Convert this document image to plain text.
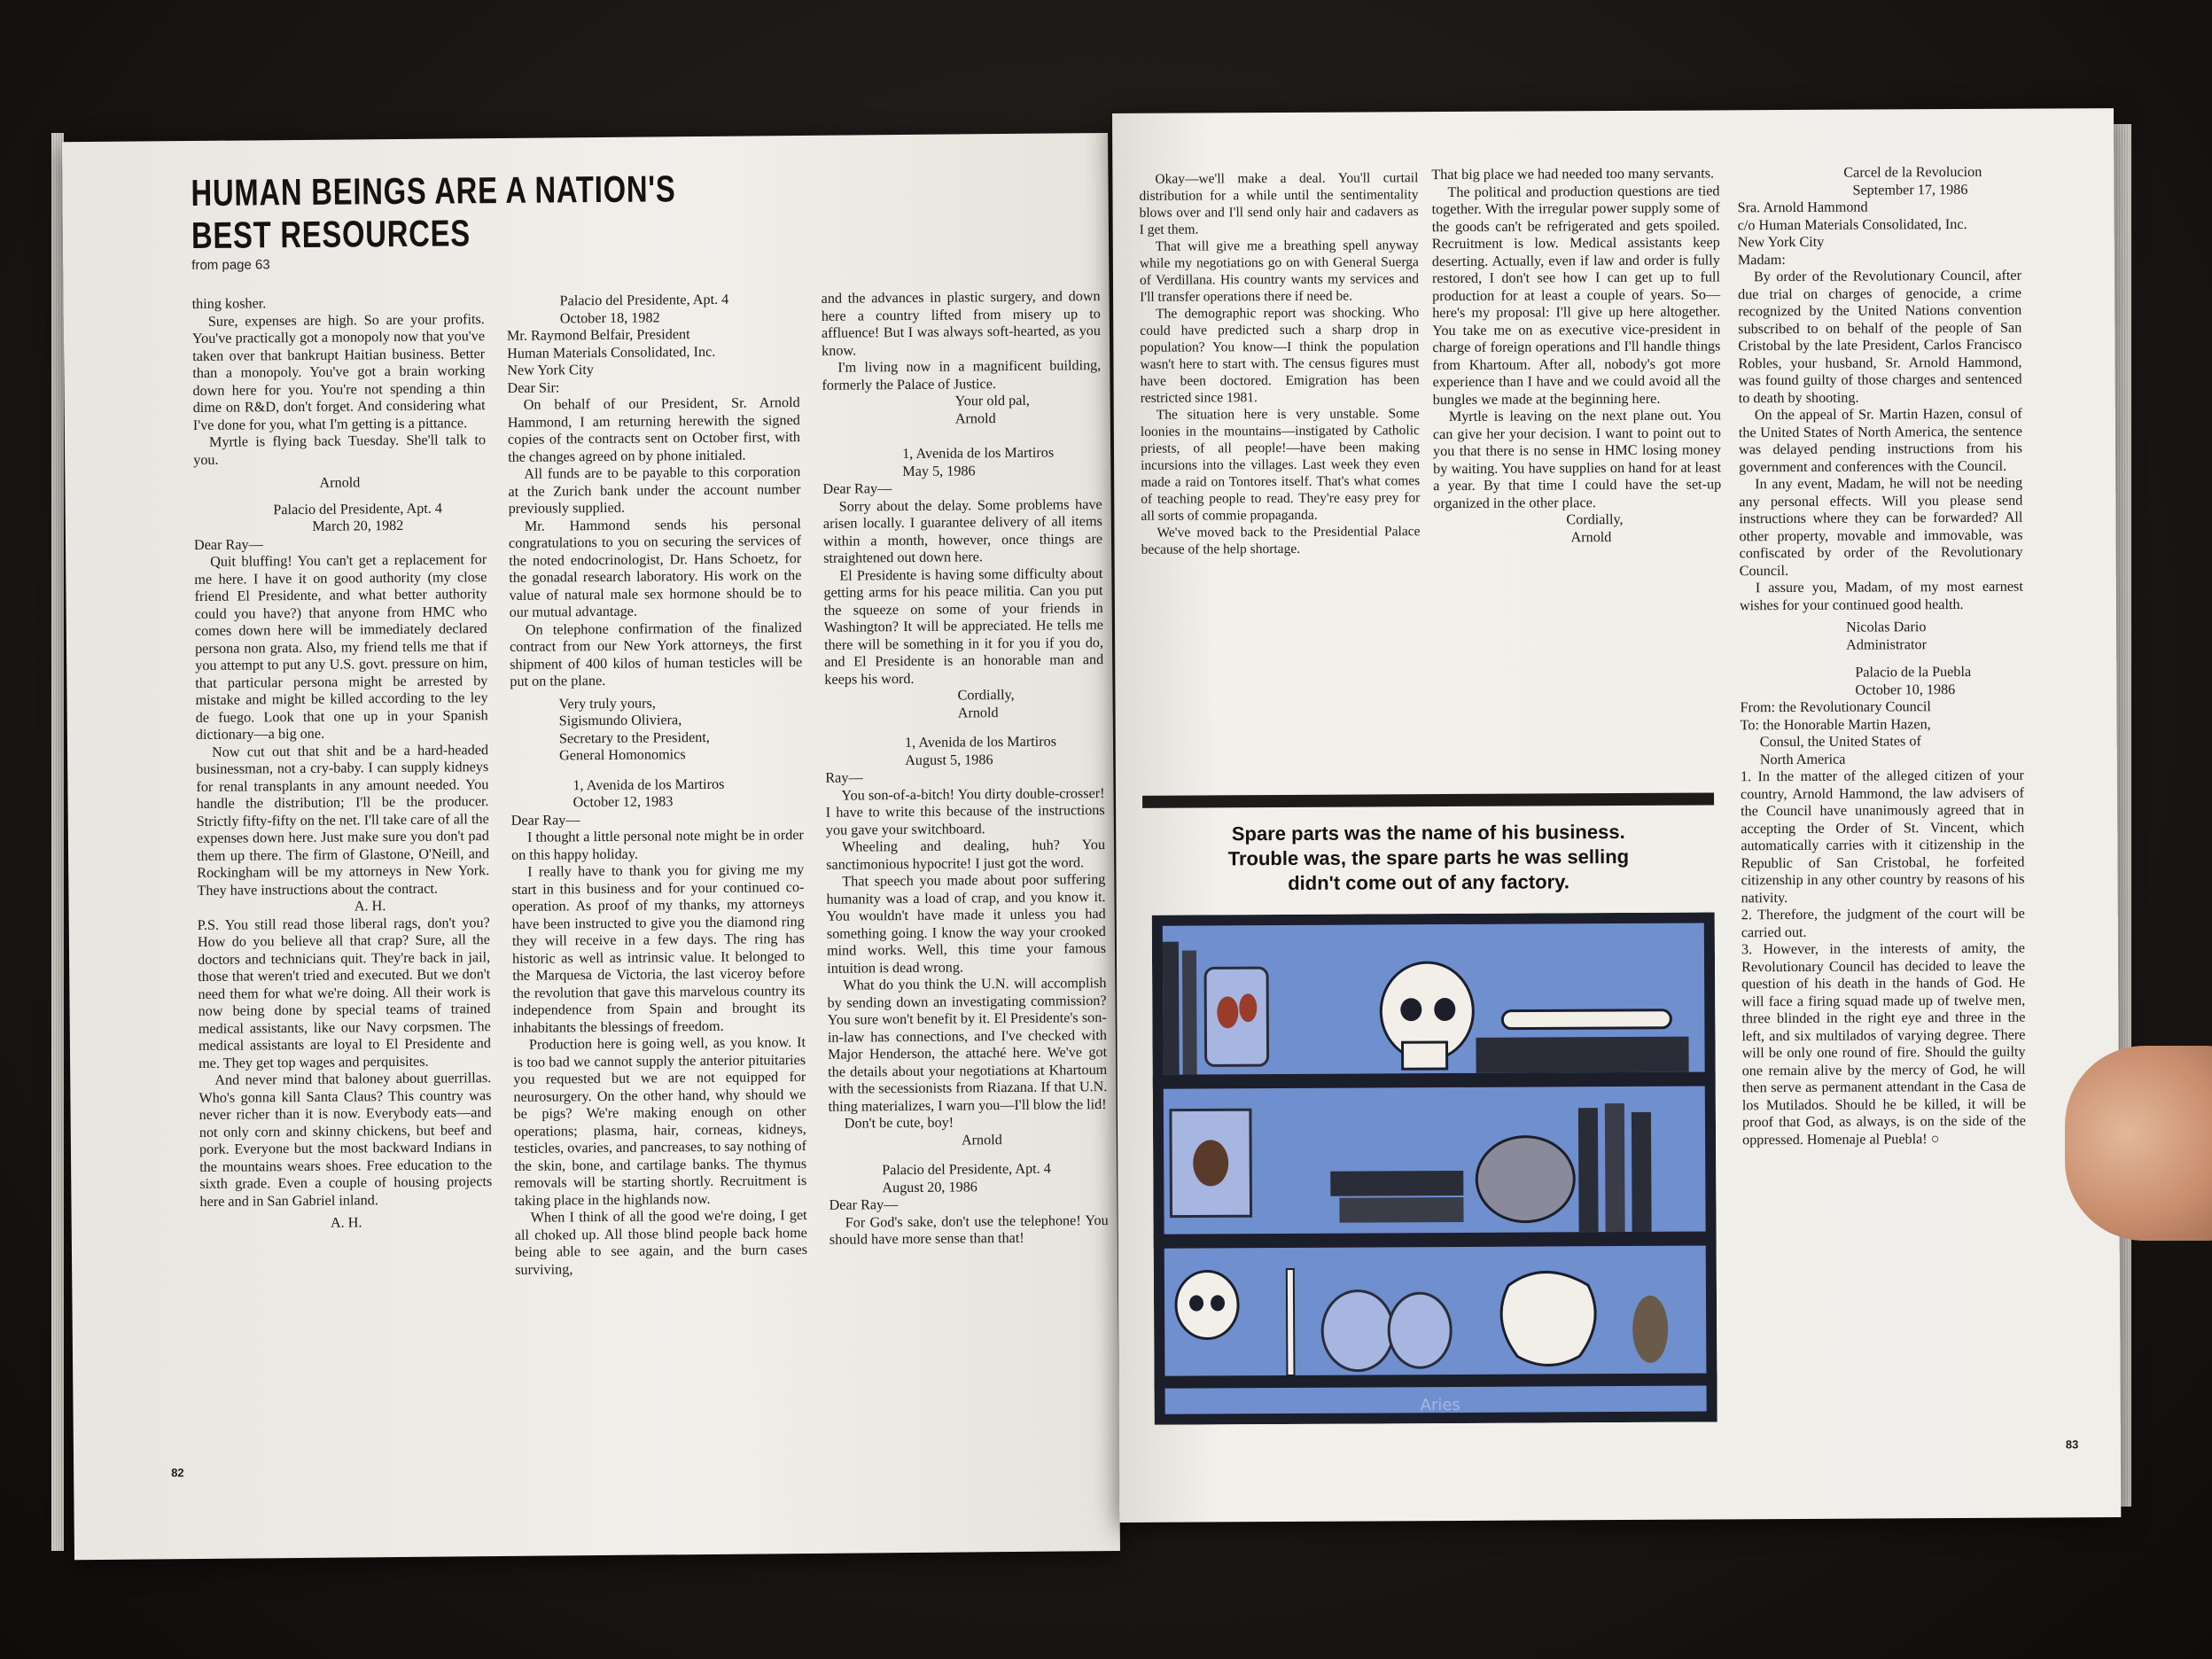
HUMAN BEINGS ARE A NATION'S
BEST RESOURCES
from page 63

thing kosher.

Sure, expenses are high. So are your profits. You've practically got a monopoly now that you've taken over that bankrupt Haitian business. Better than a monopoly. You've got a brain working down here for you. You're not spending a thin dime on R&D, don't forget. And considering what I've done for you, what I'm getting is a pittance.

Myrtle is flying back Tuesday. She'll talk to you.

Arnold

Palacio del Presidente, Apt. 4

March 20, 1982

Dear Ray—

Quit bluffing! You can't get a replacement for me here. I have it on good authority (my close friend El Presidente, and what better authority could you have?) that anyone from HMC who comes down here will be immediately declared persona non grata. Also, my friend tells me that if you attempt to put any U.S. govt. pressure on him, that particular persona might be arrested by mistake and might be killed according to the ley de fuego. Look that one up in your Spanish dictionary—a big one.

Now cut out that shit and be a hard-headed businessman, not a cry-baby. I can supply kidneys for renal transplants in any amount needed. You handle the distribution; I'll be the producer. Strictly fifty-fifty on the net. I'll take care of all the expenses down here. Just make sure you don't pad them up there. The firm of Glastone, O'Neill, and Rockingham will be my attorneys in New York. They have instructions about the contract.

A. H.

P.S. You still read those liberal rags, don't you? How do you believe all that crap? Sure, all the doctors and technicians quit. They're back in jail, those that weren't tried and executed. But we don't need them for what we're doing. All their work is now being done by special teams of trained medical assistants, like our Navy corpsmen. The medical assistants are loyal to El Presidente and me. They get top wages and perquisites.

And never mind that baloney about guerrillas. Who's gonna kill Santa Claus? This country was never richer than it is now. Everybody eats—and not only corn and skinny chickens, but beef and pork. Everyone but the most backward Indians in the mountains wears shoes. Free education to the sixth grade. Even a couple of housing projects here and in San Gabriel inland.

A. H.

Palacio del Presidente, Apt. 4

October 18, 1982

Mr. Raymond Belfair, President

Human Materials Consolidated, Inc.

New York City

Dear Sir:

On behalf of our President, Sr. Arnold Hammond, I am returning herewith the signed copies of the contracts sent on October first, with the changes agreed on by phone initialed.

All funds are to be payable to this corporation at the Zurich bank under the account number previously supplied.

Mr. Hammond sends his personal congratulations to you on securing the services of the noted endocrinologist, Dr. Hans Schoetz, for the gonadal research laboratory. His work on the value of natural male sex hormone should be to our mutual advantage.

On telephone confirmation of the finalized contract from our New York attorneys, the first shipment of 400 kilos of human testicles will be put on the plane.

Very truly yours,

Sigismundo Oliviera,

Secretary to the President,

General Homonomics

1, Avenida de los Martiros

October 12, 1983

Dear Ray—

I thought a little personal note might be in order on this happy holiday.

I really have to thank you for giving me my start in this business and for your continued co-operation. As proof of my thanks, my attorneys have been instructed to give you the diamond ring they will receive in a few days. The ring has historic as well as intrinsic value. It belonged to the Marquesa de Victoria, the last viceroy before the revolution that gave this marvelous country its independence from Spain and brought its inhabitants the blessings of freedom.

Production here is going well, as you know. It is too bad we cannot supply the anterior pituitaries you requested but we are not equipped for neurosurgery. On the other hand, why should we be pigs? We're making enough on other operations; plasma, hair, corneas, kidneys, testicles, ovaries, and pancreases, to say nothing of the skin, bone, and cartilage banks. The thymus removals will be starting shortly. Recruitment is taking place in the highlands now.

When I think of all the good we're doing, I get all choked up. All those blind people back home being able to see again, and the burn cases surviving,

and the advances in plastic surgery, and down here a country lifted from misery up to affluence! But I was always soft-hearted, as you know.

I'm living now in a magnificent building, formerly the Palace of Justice.

Your old pal,

Arnold

1, Avenida de los Martiros

May 5, 1986

Dear Ray—

Sorry about the delay. Some problems have arisen locally. I guarantee delivery of all items within a month, however, once things are straightened out down here.

El Presidente is having some difficulty about getting arms for his peace militia. Can you put the squeeze on some of your friends in Washington? It will be appreciated. He tells me there will be something in it for you if you do, and El Presidente is an honorable man and keeps his word.

Cordially,

Arnold

1, Avenida de los Martiros

August 5, 1986

Ray—

You son-of-a-bitch! You dirty double-crosser! I have to write this because of the instructions you gave your switchboard.

Wheeling and dealing, huh? You sanctimonious hypocrite! I just got the word.

That speech you made about poor suffering humanity was a load of crap, and you know it. You wouldn't have made it unless you had something going. I know the way your crooked mind works. Well, this time your famous intuition is dead wrong.

What do you think the U.N. will accomplish by sending down an investigating commission? You sure won't benefit by it. El Presidente's son-in-law has connections, and I've checked with Major Henderson, the attaché here. We've got the details about your negotiations at Khartoum with the secessionists from Riazana. If that U.N. thing materializes, I warn you—I'll blow the lid!

Don't be cute, boy!

Arnold

Palacio del Presidente, Apt. 4

August 20, 1986

Dear Ray—

For God's sake, don't use the telephone! You should have more sense than that!

82

Okay—we'll make a deal. You'll curtail distribution for a while until the sentimentality blows over and I'll send only hair and cadavers as I get them.

That will give me a breathing spell anyway while my negotiations go on with General Suerga of Verdillana. His country wants my services and I'll transfer operations there if need be.

The demographic report was shocking. Who could have predicted such a sharp drop in population? You know—I think the population wasn't here to start with. The census figures must have been doctored. Emigration has been restricted since 1981.

The situation here is very unstable. Some loonies in the mountains—instigated by Catholic priests, of all people!—have been making incursions into the villages. Last week they even made a raid on Tontores itself. That's what comes of teaching people to read. They're easy prey for all sorts of commie propaganda.

We've moved back to the Presidential Palace because of the help shortage.

That big place we had needed too many servants.

The political and production questions are tied together. With the irregular power supply some of the goods can't be refrigerated and gets spoiled. Recruitment is low. Medical assistants keep deserting. Actually, even if law and order is fully restored, I don't see how I can get up to full production for at least a couple of years. So—here's my proposal: I'll give up here altogether. You take me on as executive vice-president in charge of foreign operations and I'll handle things from Khartoum. After all, nobody's got more experience than I have and we could avoid all the bungles we made at the beginning here.

Myrtle is leaving on the next plane out. You can give her your decision. I want to point out to you that there is no sense in HMC losing money by waiting. You have supplies on hand for at least a year. By that time I could have the set-up organized in the other place.

Cordially,

Arnold

Carcel de la Revolucion

September 17, 1986

Sra. Arnold Hammond

c/o Human Materials Consolidated, Inc.

New York City

Madam:

By order of the Revolutionary Council, after due trial on charges of genocide, a crime recognized by the United Nations convention subscribed to on behalf of the people of San Cristobal by the late President, Carlos Francisco Robles, your husband, Sr. Arnold Hammond, was found guilty of those charges and sentenced to death by shooting.

On the appeal of Sr. Martin Hazen, consul of the United States of North America, the sentence was delayed pending instructions from his government and conferences with the Council.

In any event, Madam, he will not be needing any personal effects. Will you please send instructions where they can be forwarded? All other property, movable and immovable, was confiscated by order of the Revolutionary Council.

I assure you, Madam, of my most earnest wishes for your continued good health.

Nicolas Dario

Administrator

Palacio de la Puebla

October 10, 1986

From: the Revolutionary Council

To: the Honorable Martin Hazen,

Consul, the United States of

North America

1. In the matter of the alleged citizen of your country, Arnold Hammond, the law advisers of the Council have unanimously agreed that in accepting the Order of St. Vincent, which automatically carries with it citizenship in the Republic of San Cristobal, he forfeited citizenship in any other country by reasons of his nativity.

2. Therefore, the judgment of the court will be carried out.

3. However, in the interests of amity, the Revolutionary Council has decided to leave the question of his death in the hands of God. He will face a firing squad made up of twelve men, three blinded in the right eye and three in the left, and six multilados of varying degree. There will be only one round of fire. Should the guilty one remain alive by the mercy of God, he will then serve as permanent attendant in the Casa de los Mutilados. Should he be killed, it will be proof that God, as always, is on the side of the oppressed. Homenaje al Puebla! ○

Spare parts was the name of his business.
Trouble was, the spare parts he was selling
didn't come out of any factory.
Aries
83
